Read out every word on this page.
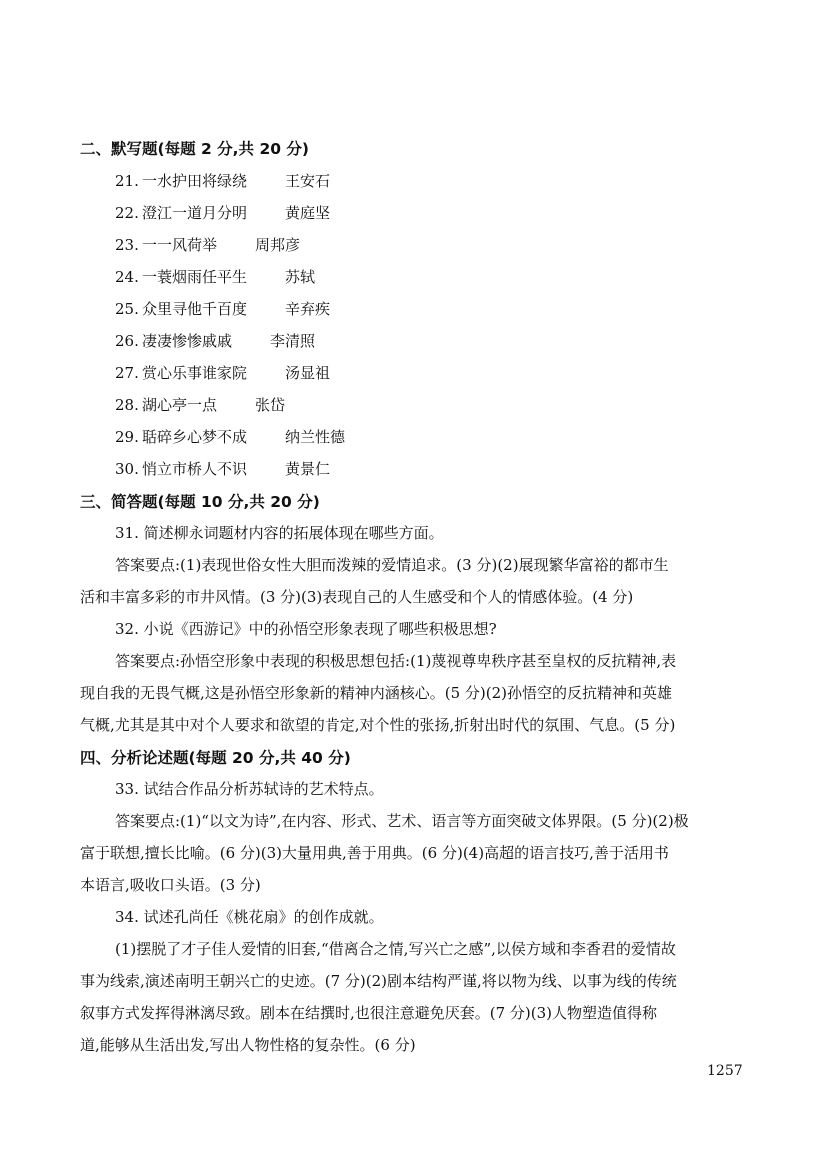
二、默写题(每题 2 分,共 20 分)
21. 一水护田将绿绕	王安石
22. 澄江一道月分明	黄庭坚
23. 一一风荷举	周邦彦
24. 一蓑烟雨任平生	苏轼
25. 众里寻他千百度	辛弃疾
26. 凄凄惨惨戚戚	李清照
27. 赏心乐事谁家院	汤显祖
28. 湖心亭一点	张岱
29. 聒碎乡心梦不成	纳兰性德
30. 悄立市桥人不识	黄景仁
三、简答题(每题 10 分,共 20 分)
31. 简述柳永词题材内容的拓展体现在哪些方面。
答案要点:(1)表现世俗女性大胆而泼辣的爱情追求。(3 分)(2)展现繁华富裕的都市生
活和丰富多彩的市井风情。(3 分)(3)表现自己的人生感受和个人的情感体验。(4 分)
32. 小说《西游记》中的孙悟空形象表现了哪些积极思想?
答案要点:孙悟空形象中表现的积极思想包括:(1)蔑视尊卑秩序甚至皇权的反抗精神,表
现自我的无畏气概,这是孙悟空形象新的精神内涵核心。(5 分)(2)孙悟空的反抗精神和英雄
气概,尤其是其中对个人要求和欲望的肯定,对个性的张扬,折射出时代的氛围、气息。(5 分)
四、分析论述题(每题 20 分,共 40 分)
33. 试结合作品分析苏轼诗的艺术特点。
答案要点:(1)“以文为诗”,在内容、形式、艺术、语言等方面突破文体界限。(5 分)(2)极
富于联想,擅长比喻。(6 分)(3)大量用典,善于用典。(6 分)(4)高超的语言技巧,善于活用书
本语言,吸收口头语。(3 分)
34. 试述孔尚任《桃花扇》的创作成就。
(1)摆脱了才子佳人爱情的旧套,“借离合之情,写兴亡之感”,以侯方域和李香君的爱情故
事为线索,演述南明王朝兴亡的史迹。(7 分)(2)剧本结构严谨,将以物为线、以事为线的传统
叙事方式发挥得淋漓尽致。剧本在结撰时,也很注意避免厌套。(7 分)(3)人物塑造值得称
道,能够从生活出发,写出人物性格的复杂性。(6 分)
1257
